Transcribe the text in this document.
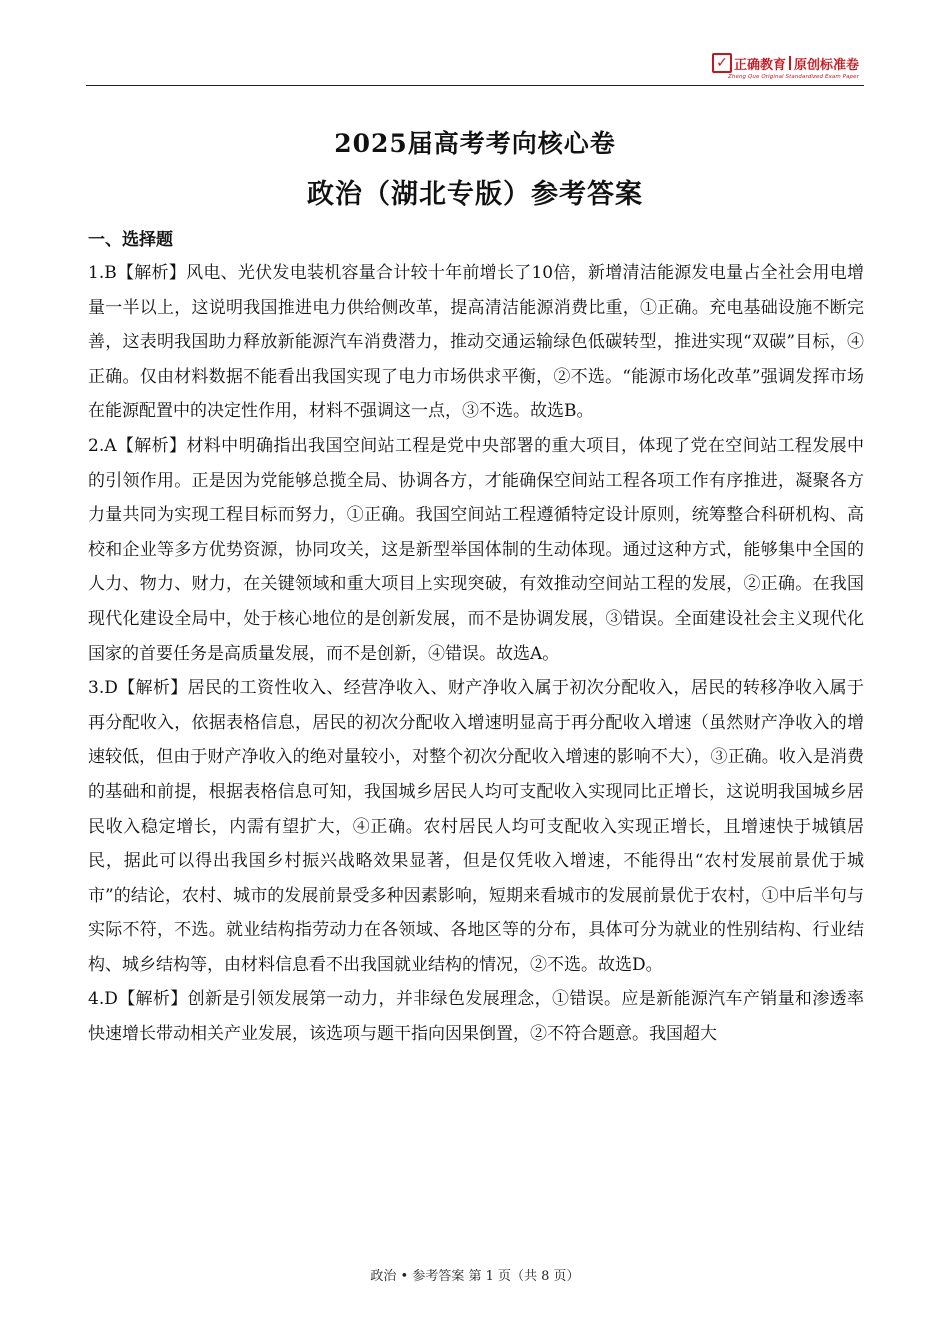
✓ 正确教育 原创标准卷
Zheng Que Original Standardized Exam Paper
2025届高考考向核心卷
政治（湖北专版）参考答案
一、选择题

1.B【解析】风电、光伏发电装机容量合计较十年前增长了10倍，新增清洁能源发电量占全社会用电增量一半以上，这说明我国推进电力供给侧改革，提高清洁能源消费比重，①正确。充电基础设施不断完善，这表明我国助力释放新能源汽车消费潜力，推动交通运输绿色低碳转型，推进实现“双碳”目标，④正确。仅由材料数据不能看出我国实现了电力市场供求平衡，②不选。“能源市场化改革”强调发挥市场在能源配置中的决定性作用，材料不强调这一点，③不选。故选B。

2.A【解析】材料中明确指出我国空间站工程是党中央部署的重大项目，体现了党在空间站工程发展中的引领作用。正是因为党能够总揽全局、协调各方，才能确保空间站工程各项工作有序推进，凝聚各方力量共同为实现工程目标而努力，①正确。我国空间站工程遵循特定设计原则，统筹整合科研机构、高校和企业等多方优势资源，协同攻关，这是新型举国体制的生动体现。通过这种方式，能够集中全国的人力、物力、财力，在关键领域和重大项目上实现突破，有效推动空间站工程的发展，②正确。在我国现代化建设全局中，处于核心地位的是创新发展，而不是协调发展，③错误。全面建设社会主义现代化国家的首要任务是高质量发展，而不是创新，④错误。故选A。

3.D【解析】居民的工资性收入、经营净收入、财产净收入属于初次分配收入，居民的转移净收入属于再分配收入，依据表格信息，居民的初次分配收入增速明显高于再分配收入增速（虽然财产净收入的增速较低，但由于财产净收入的绝对量较小，对整个初次分配收入增速的影响不大），③正确。收入是消费的基础和前提，根据表格信息可知，我国城乡居民人均可支配收入实现同比正增长，这说明我国城乡居民收入稳定增长，内需有望扩大，④正确。农村居民人均可支配收入实现正增长，且增速快于城镇居民，据此可以得出我国乡村振兴战略效果显著，但是仅凭收入增速，不能得出“农村发展前景优于城市”的结论，农村、城市的发展前景受多种因素影响，短期来看城市的发展前景优于农村，①中后半句与实际不符，不选。就业结构指劳动力在各领域、各地区等的分布，具体可分为就业的性别结构、行业结构、城乡结构等，由材料信息看不出我国就业结构的情况，②不选。故选D。

4.D【解析】创新是引领发展第一动力，并非绿色发展理念，①错误。应是新能源汽车产销量和渗透率快速增长带动相关产业发展，该选项与题干指向因果倒置，②不符合题意。我国超大

政治 • 参考答案 第 1 页（共 8 页）
